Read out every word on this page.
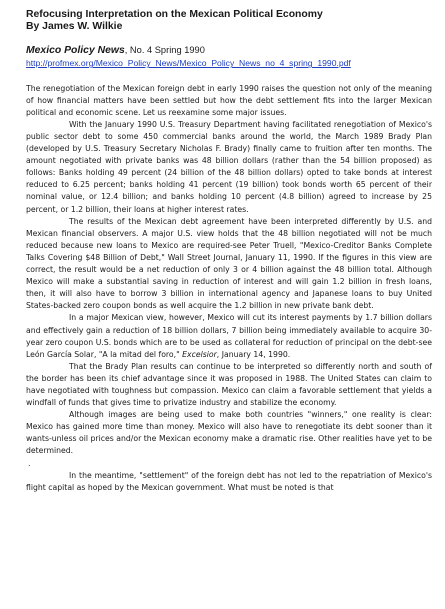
Refocusing Interpretation on the Mexican Political Economy
By James W. Wilkie
Mexico Policy News, No. 4 Spring 1990
http://profmex.org/Mexico_Policy_News/Mexico_Policy_News_no_4_spring_1990.pdf

The renegotiation of the Mexican foreign debt in early 1990 raises the question not only of the meaning of how financial matters have been settled but how the debt settlement fits into the larger Mexican political and economic scene. Let us reexamine some major issues.

With the January 1990 U.S. Treasury Department having facilitated renegotiation of Mexico's public sector debt to some 450 commercial banks around the world, the March 1989 Brady Plan (developed by U.S. Treasury Secretary Nicholas F. Brady) finally came to fruition after ten months. The amount negotiated with private banks was 48 billion dollars (rather than the 54 billion proposed) as follows: Banks holding 49 percent (24 billion of the 48 billion dollars) opted to take bonds at interest reduced to 6.25 percent; banks holding 41 percent (19 billion) took bonds worth 65 percent of their nominal value, or 12.4 billion; and banks holding 10 percent (4.8 billion) agreed to increase by 25 percent, or 1.2 billion, their loans at higher interest rates.

The results of the Mexican debt agreement have been interpreted differently by U.S. and Mexican financial observers. A major U.S. view holds that the 48 billion negotiated will not be much reduced because new loans to Mexico are required-see Peter Truell, "Mexico-Creditor Banks Complete Talks Covering $48 Billion of Debt," Wall Street Journal, January 11, 1990. If the figures in this view are correct, the result would be a net reduction of only 3 or 4 billion against the 48 billion total. Although Mexico will make a substantial saving in reduction of interest and will gain 1.2 billion in fresh loans, then, it will also have to borrow 3 billion in international agency and Japanese loans to buy United States-backed zero coupon bonds as well acquire the 1.2 billion in new private bank debt.

In a major Mexican view, however, Mexico will cut its interest payments by 1.7 billion dollars and effectively gain a reduction of 18 billion dollars, 7 billion being immediately available to acquire 30-year zero coupon U.S. bonds which are to be used as collateral for reduction of principal on the debt-see León García Solar, "A la mitad del foro," Excelsior, January 14, 1990.

That the Brady Plan results can continue to be interpreted so differently north and south of the border has been its chief advantage since it was proposed in 1988. The United States can claim to have negotiated with toughness but compassion. Mexico can claim a favorable settlement that yields a windfall of funds that gives time to privatize industry and stabilize the economy.

Although images are being used to make both countries "winners," one reality is clear: Mexico has gained more time than money. Mexico will also have to renegotiate its debt sooner than it wants-unless oil prices and/or the Mexican economy make a dramatic rise. Other realities have yet to be determined.

.

In the meantime, "settlement" of the foreign debt has not led to the repatriation of Mexico's flight capital as hoped by the Mexican government. What must be noted is that
